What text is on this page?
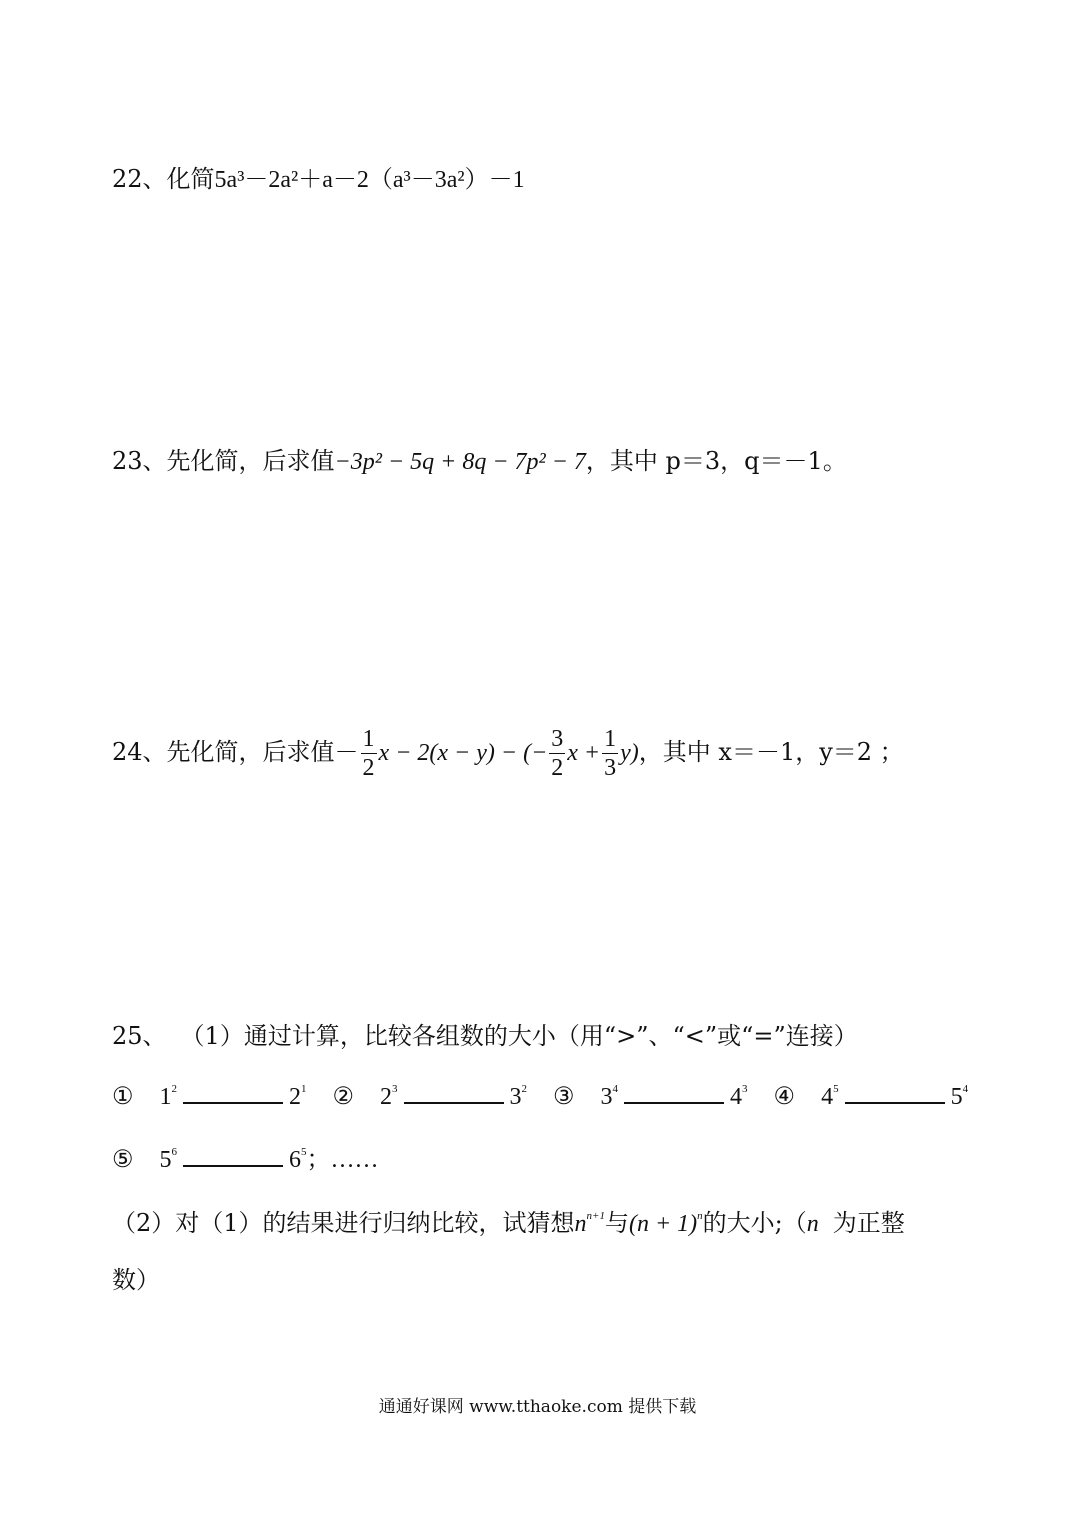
22、化简5a³－2a²＋a－2（a³－3a²）－1
23、先化简，后求值−3p² − 5q + 8q − 7p² − 7，其中 p＝3，q＝－1。
24、先化简，后求值－ $\frac{1}{2}$ x − 2(x − y) − (− $\frac{3}{2}$ $x + \frac{1}{3} y$)，其中 x＝－1，y＝2 ；
25、 （1）通过计算，比较各组数的大小（用“>”、“<”或“=”连接）
① $1^2$	$2^1$ ② $2^3$	$3^2$ ③ $3^4$	$4^3$ ④ $4^5$	$5^4$
⑤ $5^6$	$6^5$；……
（2）对（1）的结果进行归纳比较，试猜想$n^{n+1}$与$(n + 1)^n$的大小;（n 为正整
数）
通通好课网 www.tthaoke.com 提供下载
